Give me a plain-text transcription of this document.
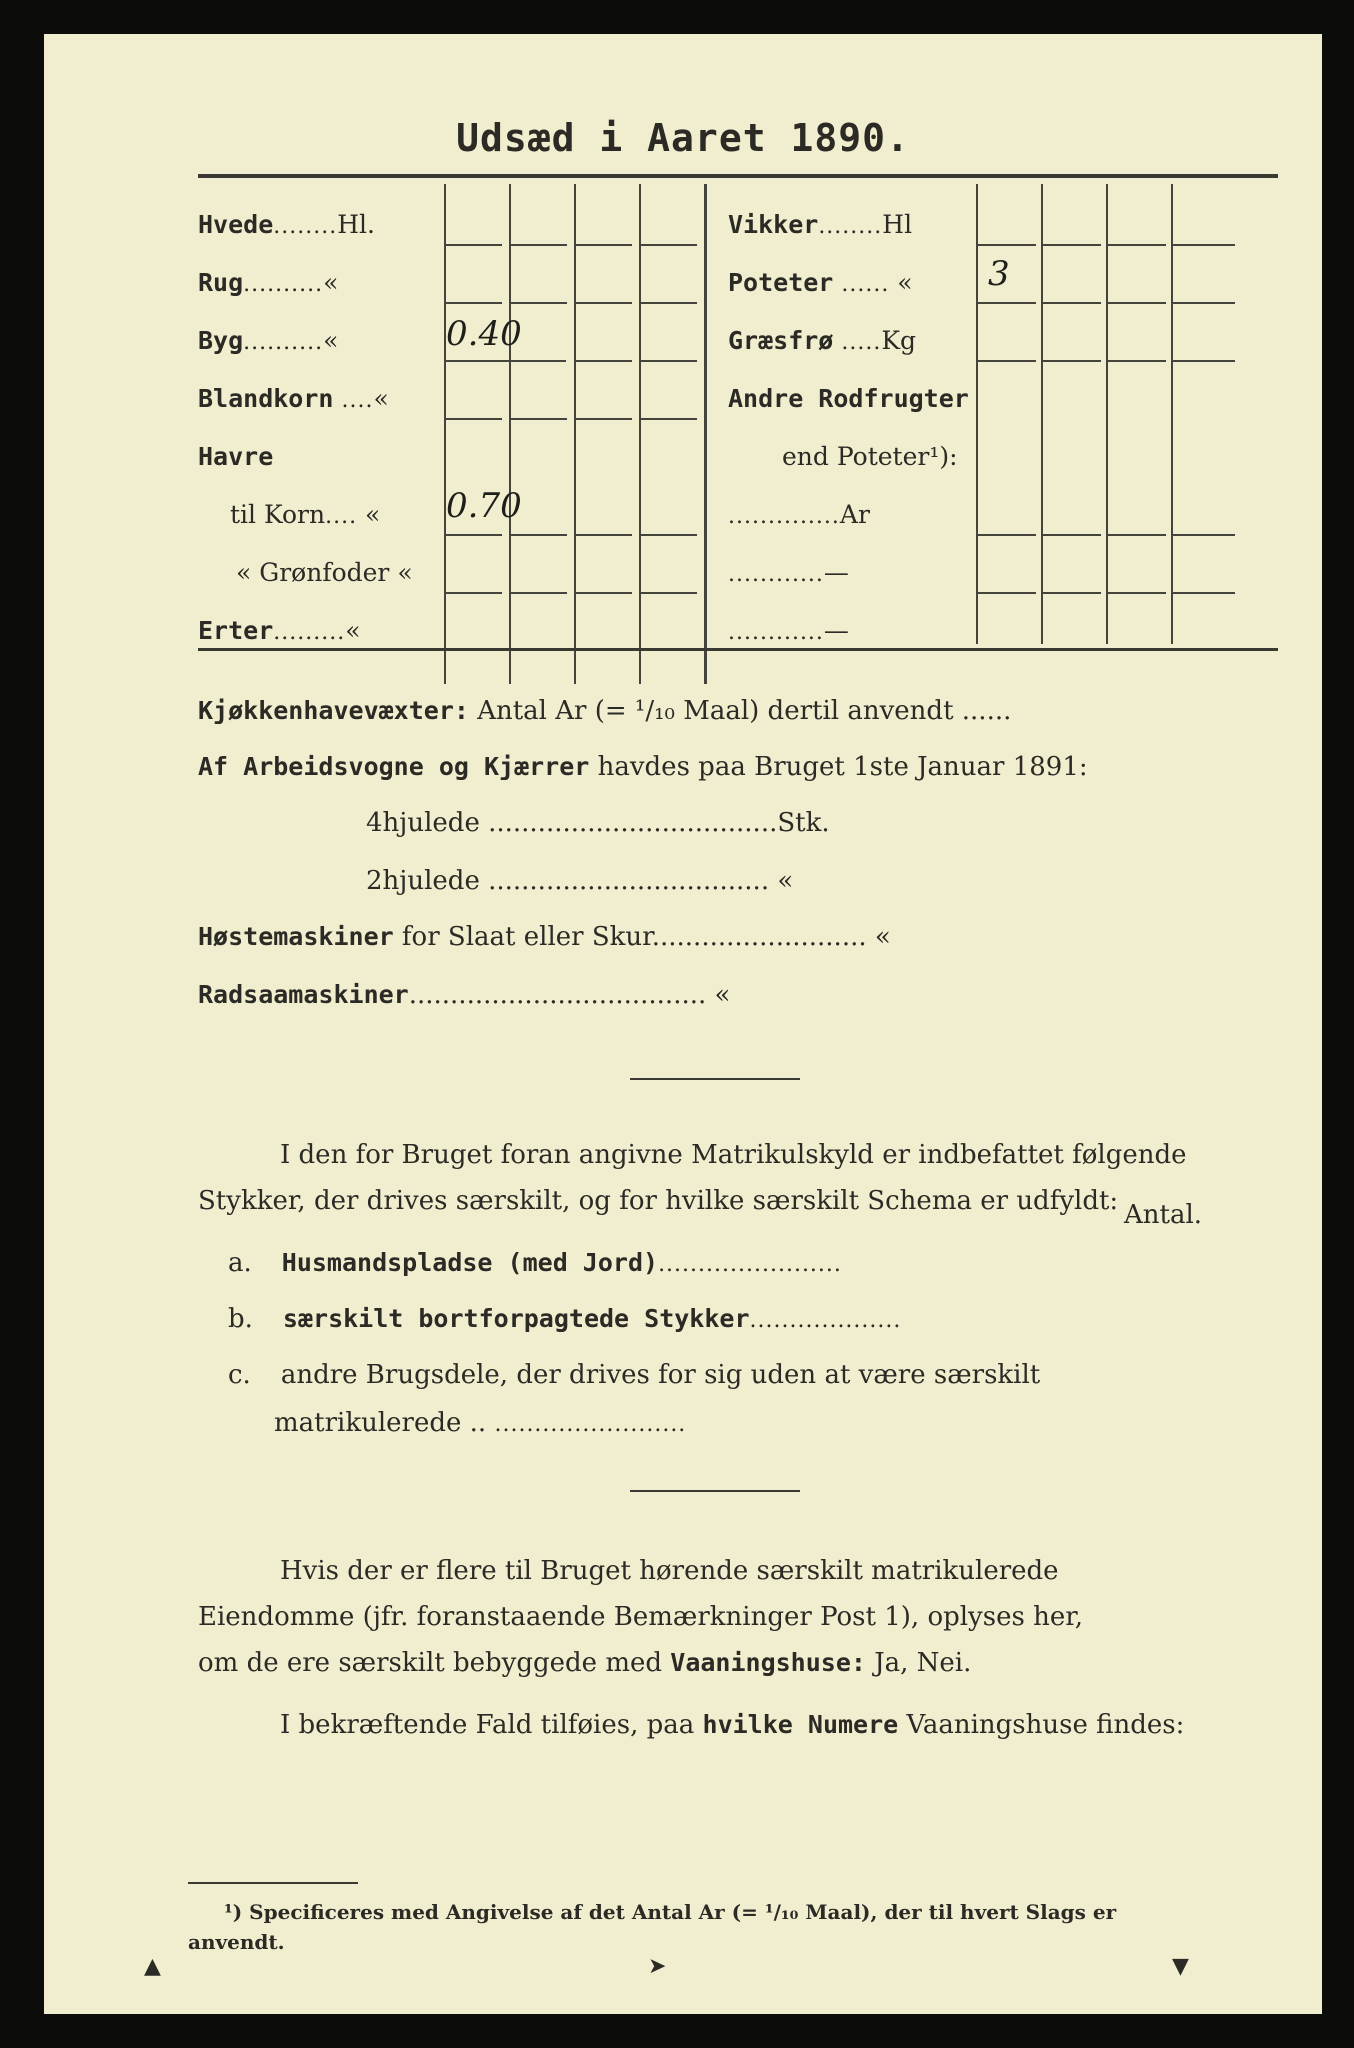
Udsæd i Aaret 1890.
Hvede........Hl.
Rug..........«
Byg..........«
Blandkorn ....«
Havre
til Korn.... «
« Grønfoder «
Erter.........«
0.40
0.70
Vikker........Hl
Poteter ...... «
Græsfrø .....Kg
Andre Rodfrugter
end Poteter¹):
..............Ar
............—
............—
3
Kjøkkenhavevæxter: Antal Ar (= ¹/₁₀ Maal) dertil anvendt ......
Af Arbeidsvogne og Kjærrer havdes paa Bruget 1ste Januar 1891:
4hjulede ...................................Stk.
2hjulede .................................. «
Høstemaskiner for Slaat eller Skur.......................... «
Radsaamaskiner.................................... «
I den for Bruget foran angivne Matrikulskyld er indbefattet følgende
Stykker, der drives særskilt, og for hvilke særskilt Schema er udfyldt: Antal.
a. Husmandspladse (med Jord).......................
b. særskilt bortforpagtede Stykker...................
c. andre Brugsdele, der drives for sig uden at være særskilt
matrikulerede .. ........................
Hvis der er flere til Bruget hørende særskilt matrikulerede
Eiendomme (jfr. foranstaaende Bemærkninger Post 1), oplyses her,
om de ere særskilt bebyggede med Vaaningshuse: Ja, Nei.
I bekræftende Fald tilføies, paa hvilke Numere Vaaningshuse findes:
¹) Specificeres med Angivelse af det Antal Ar (= ¹/₁₀ Maal), der til hvert Slags er
anvendt.
▲	➤	▼
